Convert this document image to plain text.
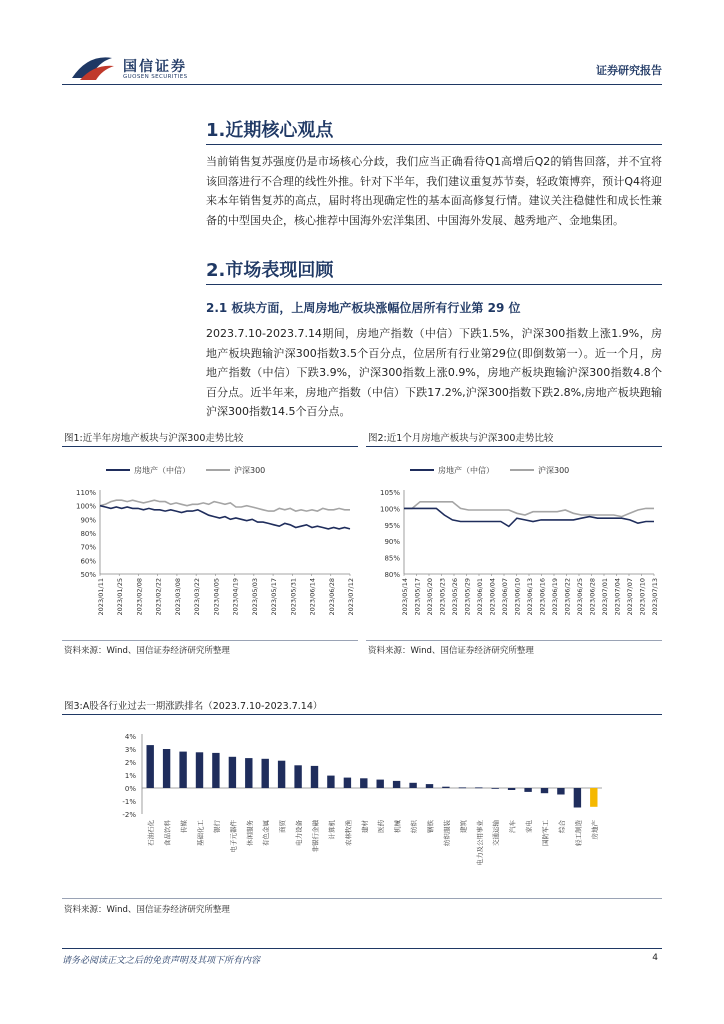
国信证券
GUOSEN SECURITIES	证券研究报告
1.近期核心观点
当前销售复苏强度仍是市场核心分歧，我们应当正确看待Q1高增后Q2的销售回落，并不宜将该回落进行不合理的线性外推。针对下半年，我们建议重复苏节奏，轻政策博弈，预计Q4将迎来本年销售复苏的高点，届时将出现确定性的基本面高修复行情。建议关注稳健性和成长性兼备的中型国央企，核心推荐中国海外宏洋集团、中国海外发展、越秀地产、金地集团。
2.市场表现回顾
2.1 板块方面，上周房地产板块涨幅位居所有行业第 29 位
2023.7.10-2023.7.14期间，房地产指数（中信）下跌1.5%，沪深300指数上涨1.9%，房地产板块跑输沪深300指数3.5个百分点，位居所有行业第29位(即倒数第一）。近一个月，房地产指数（中信）下跌3.9%，沪深300指数上涨0.9%，房地产板块跑输沪深300指数4.8个百分点。近半年来，房地产指数（中信）下跌17.2%,沪深300指数下跌2.8%,房地产板块跑输沪深300指数14.5个百分点。
图1:近半年房地产板块与沪深300走势比较
房地产（中信）	沪深300
50%
60%
70%
80%
90%
100%
110%
2023/01/11 2023/01/25 2023/02/08 2023/02/22 2023/03/08 2023/03/22 2023/04/05 2023/04/19 2023/05/03 2023/05/17 2023/05/31 2023/06/14 2023/06/28 2023/07/12
资料来源：Wind、国信证券经济研究所整理
图2:近1个月房地产板块与沪深300走势比较
房地产（中信）	沪深300
80%
85%
90%
95%
100%
105%
2023/05/14 2023/05/17 2023/05/20 2023/05/23 2023/05/26 2023/05/29 2023/06/01 2023/06/04 2023/06/07 2023/06/10 2023/06/13 2023/06/16 2023/06/19 2023/06/22 2023/06/25 2023/06/28 2023/07/01 2023/07/04 2023/07/07 2023/07/10 2023/07/13
资料来源：Wind、国信证券经济研究所整理
图3:A股各行业过去一期涨跌排名（2023.7.10-2023.7.14）
-2%
-1%
0%
1%
2%
3%
4%
石油石化 食品饮料 传媒 基础化工 银行 电子元器件 休闲服务 有色金属 商贸 电力设备 非银行金融 计算机 农林牧渔 建材 医药 机械 纺织 钢铁 纺织服装 建筑 电力及公用事业 交通运输 汽车 家电 国防军工 综合 轻工制造 房地产
资料来源：Wind、国信证券经济研究所整理
请务必阅读正文之后的免责声明及其项下所有内容	4
